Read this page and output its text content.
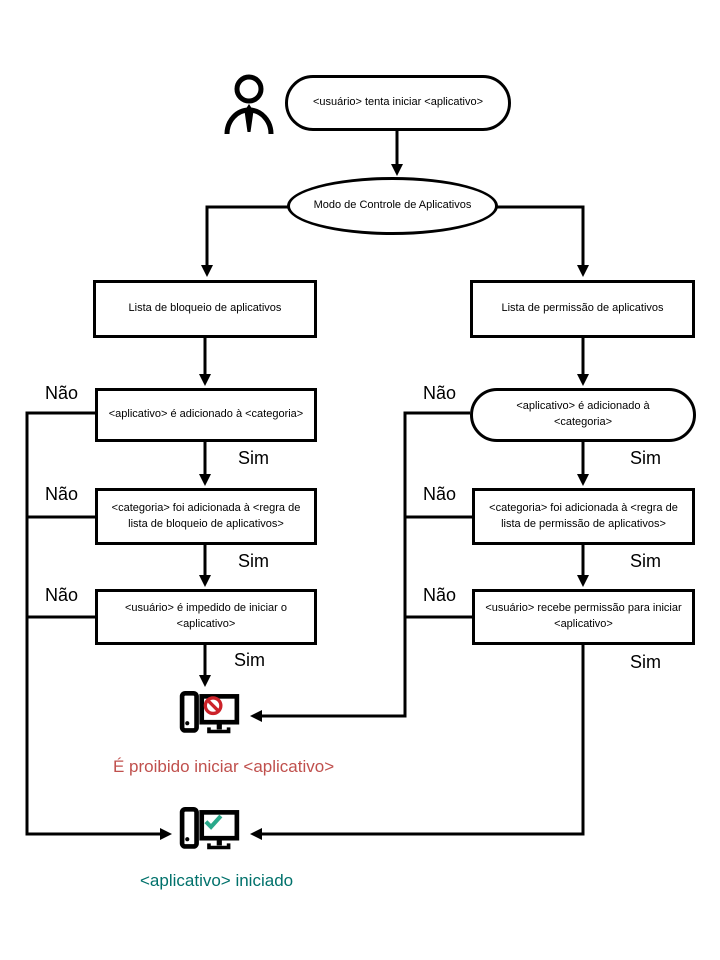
<usuário> tenta iniciar <aplicativo>
Modo de Controle de Aplicativos
Lista de bloqueio de aplicativos	Lista de permissão de aplicativos
<aplicativo> é adicionado à <categoria>
<aplicativo> é adicionado à <categoria>
<categoria> foi adicionada à <regra de lista de bloqueio de aplicativos>
<categoria> foi adicionada à <regra de lista de permissão de aplicativos>
<usuário> é impedido de iniciar o <aplicativo>
<usuário> recebe permissão para iniciar <aplicativo>
Não
Não
Não
Sim
Sim
Sim
Não
Não
Não
Sim
Sim
Sim
É proibido iniciar <aplicativo>
<aplicativo> iniciado
